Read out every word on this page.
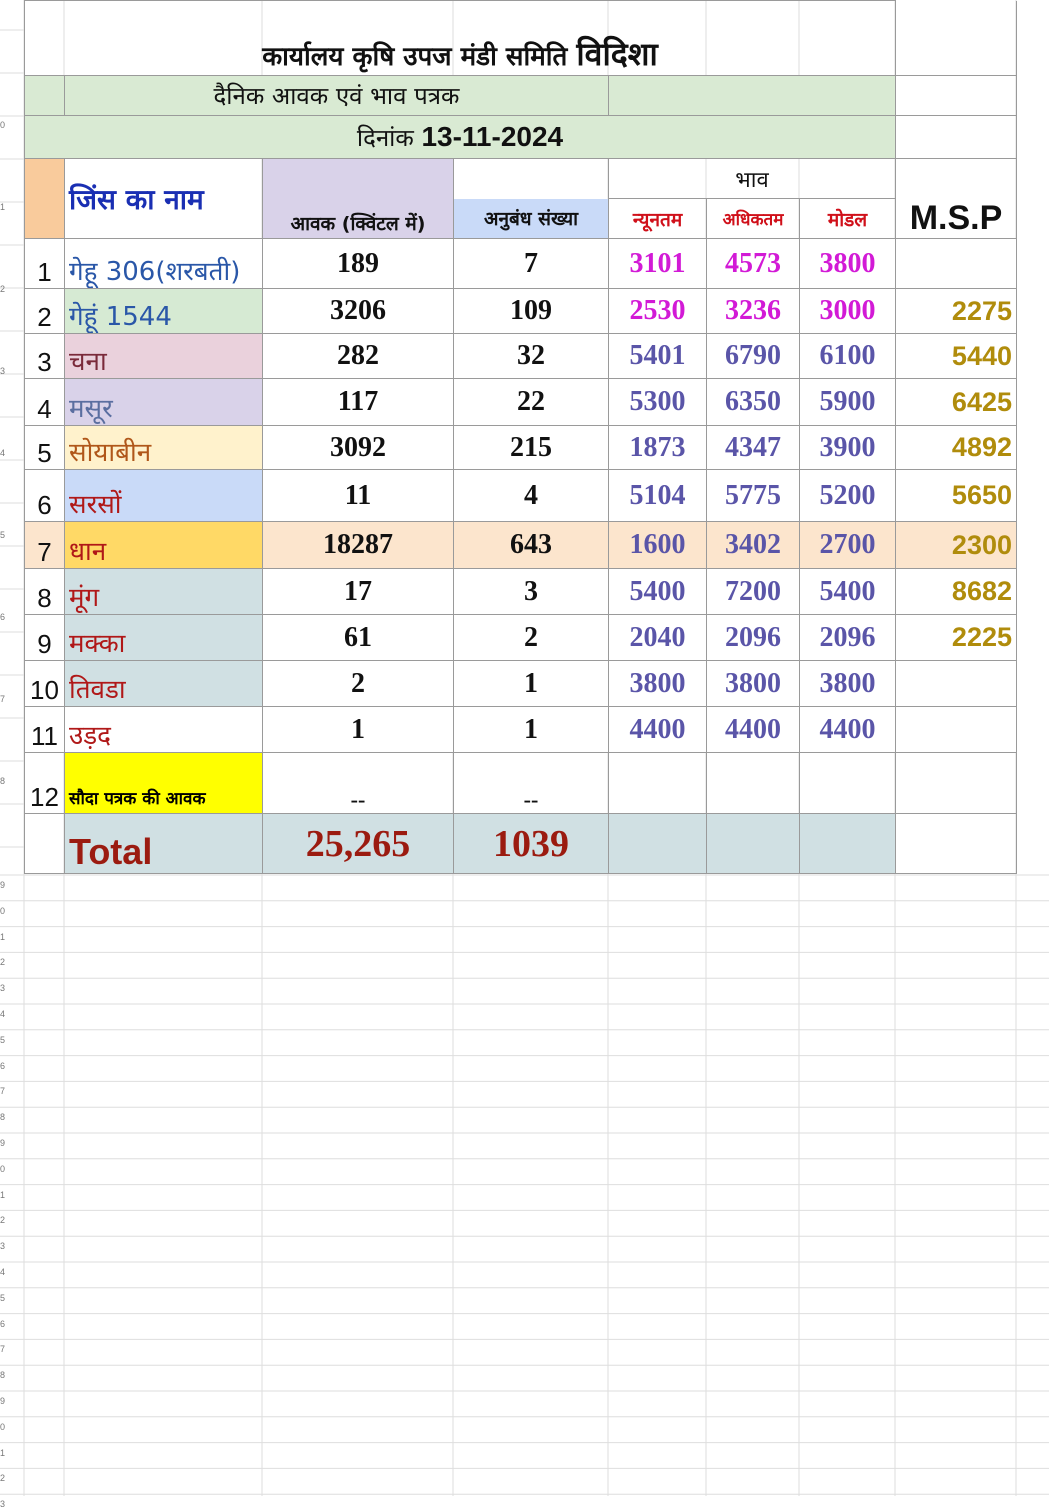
0
1
2
3
4
5
6
7
8
9
0
1
2
3
4
5
6
7
8
9
0
1
2
3
4
5
6
7
8
9
0
1
2
3
कार्यालय कृषि उपज मंडी समिति विदिशा							
	दैनिक आवक एवं भाव पत्रक						
दिनांक 13-11-2024							
	जिंस का नाम	आवक (क्विंटल में)		भाव			
			अनुबंध संख्या	न्यूनतम	अधिकतम	मोडल	M.S.P
1	गेहू 306(शरबती)	189	7	3101	4573	3800	
2	गेहूं 1544	3206	109	2530	3236	3000	2275
3	चना	282	32	5401	6790	6100	5440
4	मसूर	117	22	5300	6350	5900	6425
5	सोयाबीन	3092	215	1873	4347	3900	4892
6	सरसों	11	4	5104	5775	5200	5650
7	धान	18287	643	1600	3402	2700	2300
8	मूंग	17	3	5400	7200	5400	8682
9	मक्का	61	2	2040	2096	2096	2225
10	तिवडा	2	1	3800	3800	3800	
11	उड़द	1	1	4400	4400	4400	
12	सौदा पत्रक की आवक	--	--				
	Total	25,265	1039				
